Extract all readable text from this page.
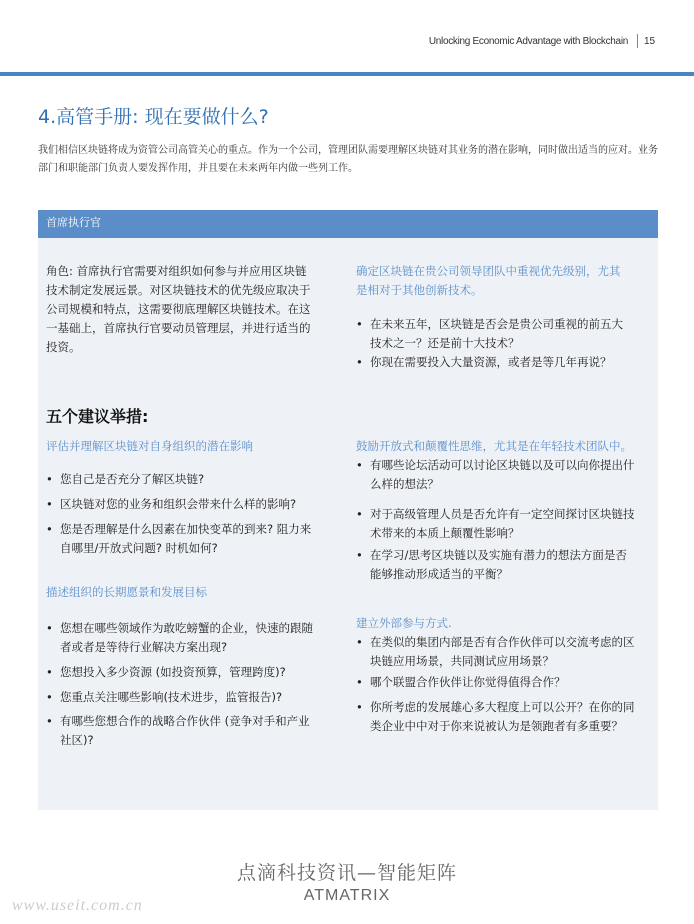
Unlocking Economic Advantage with Blockchain 15
4.高管手册: 现在要做什么?
我们相信区块链将成为资管公司高管关心的重点。作为一个公司，管理团队需要理解区块链对其业务的潜在影响，同时做出适当的应对。业务部门和职能部门负责人要发挥作用，并且要在未来两年内做一些列工作。
首席执行官
角色: 首席执行官需要对组织如何参与并应用区块链技术制定发展远景。对区块链技术的优先级应取决于公司规模和特点，这需要彻底理解区块链技术。在这一基础上，首席执行官要动员管理层，并进行适当的投资。
确定区块链在贵公司领导团队中重视优先级别，尤其是相对于其他创新技术。
• 在未来五年，区块链是否会是贵公司重视的前五大技术之一？还是前十大技术？
• 你现在需要投入大量资源，或者是等几年再说？
五个建议举措:
评估并理解区块链对自身组织的潜在影响
• 您自己是否充分了解区块链?
• 区块链对您的业务和组织会带来什么样的影响?
• 您是否理解是什么因素在加快变革的到来? 阻力来自哪里/开放式问题? 时机如何?
描述组织的长期愿景和发展目标
• 您想在哪些领域作为敢吃螃蟹的企业，快速的跟随者或者是等待行业解决方案出现?
• 您想投入多少资源 (如投资预算，管理跨度)?
• 您重点关注哪些影响(技术进步，监管报告)?
• 有哪些您想合作的战略合作伙伴 (竞争对手和产业社区)?
鼓励开放式和颠覆性思维，尤其是在年轻技术团队中。
• 有哪些论坛活动可以讨论区块链以及可以向你提出什么样的想法？
• 对于高级管理人员是否允许有一定空间探讨区块链技术带来的本质上颠覆性影响？
• 在学习/思考区块链以及实施有潜力的想法方面是否能够推动形成适当的平衡？
建立外部参与方式.
• 在类似的集团内部是否有合作伙伴可以交流考虑的区块链应用场景，共同测试应用场景？
• 哪个联盟合作伙伴让你觉得值得合作？
• 你所考虑的发展雄心多大程度上可以公开？在你的同类企业中中对于你来说被认为是领跑者有多重要？
点滴科技资讯—智能矩阵
ATMATRIX
www.useit.com.cn
